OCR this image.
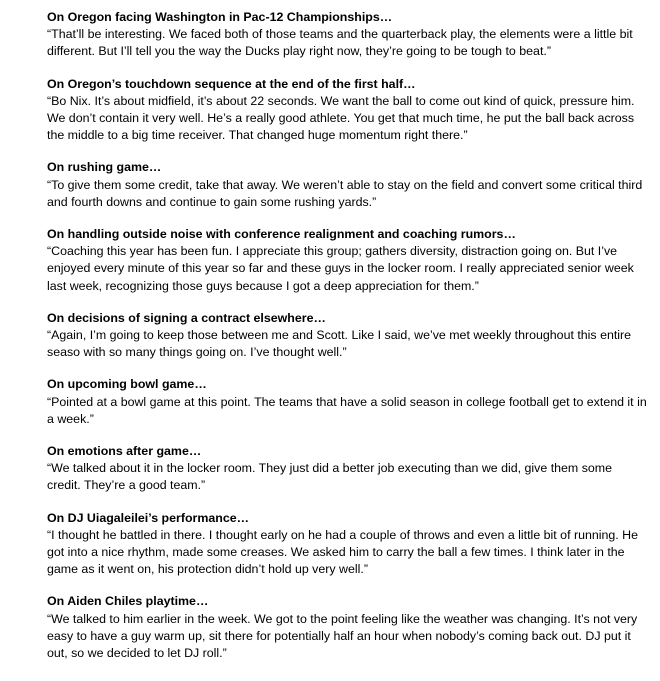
On Oregon facing Washington in Pac-12 Championships…
“That’ll be interesting. We faced both of those teams and the quarterback play, the elements were a little bit different. But I’ll tell you the way the Ducks play right now, they’re going to be tough to beat.”
On Oregon’s touchdown sequence at the end of the first half…
“Bo Nix. It’s about midfield, it’s about 22 seconds. We want the ball to come out kind of quick, pressure him. We don’t contain it very well. He’s a really good athlete. You get that much time, he put the ball back across the middle to a big time receiver. That changed huge momentum right there.”
On rushing game…
“To give them some credit, take that away. We weren’t able to stay on the field and convert some critical third and fourth downs and continue to gain some rushing yards.”
On handling outside noise with conference realignment and coaching rumors…
“Coaching this year has been fun. I appreciate this group; gathers diversity, distraction going on. But I’ve enjoyed every minute of this year so far and these guys in the locker room. I really appreciated senior week last week, recognizing those guys because I got a deep appreciation for them.”
On decisions of signing a contract elsewhere…
“Again, I’m going to keep those between me and Scott. Like I said, we’ve met weekly throughout this entire seaso with so many things going on. I’ve thought well.”
On upcoming bowl game…
“Pointed at a bowl game at this point. The teams that have a solid season in college football get to extend it in a week.”
On emotions after game…
“We talked about it in the locker room. They just did a better job executing than we did, give them some credit. They’re a good team.”
On DJ Uiagaleilei’s performance…
“I thought he battled in there. I thought early on he had a couple of throws and even a little bit of running. He got into a nice rhythm, made some creases. We asked him to carry the ball a few times. I think later in the game as it went on, his protection didn’t hold up very well.”
On Aiden Chiles playtime…
“We talked to him earlier in the week. We got to the point feeling like the weather was changing. It’s not very easy to have a guy warm up, sit there for potentially half an hour when nobody’s coming back out. DJ put it out, so we decided to let DJ roll.”
